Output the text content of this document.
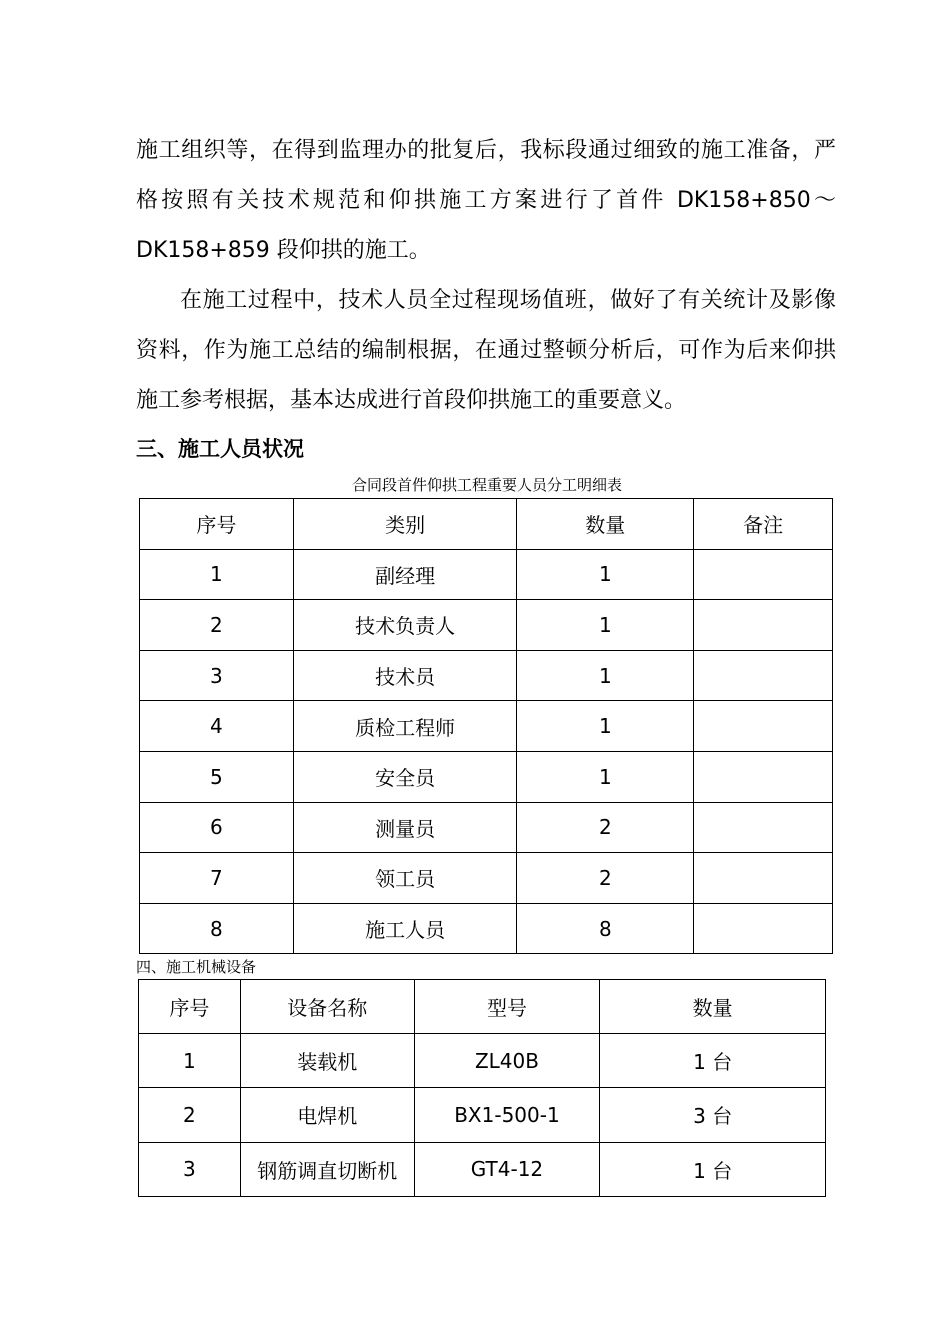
施工组织等，在得到监理办的批复后，我标段通过细致的施工准备，严格按照有关技术规范和仰拱施工方案进行了首件 DK158+850～DK158+859 段仰拱的施工。

在施工过程中，技术人员全过程现场值班，做好了有关统计及影像资料，作为施工总结的编制根据，在通过整顿分析后，可作为后来仰拱施工参考根据，基本达成进行首段仰拱施工的重要意义。

三、施工人员状况
合同段首件仰拱工程重要人员分工明细表
序号	类别	数量	备注
1	副经理	1	
2	技术负责人	1	
3	技术员	1	
4	质检工程师	1	
5	安全员	1	
6	测量员	2	
7	领工员	2	
8	施工人员	8	
四、施工机械设备
序号	设备名称	型号	数量
1	装载机	ZL40B	1 台
2	电焊机	BX1-500-1	3 台
3	钢筋调直切断机	GT4-12	1 台
